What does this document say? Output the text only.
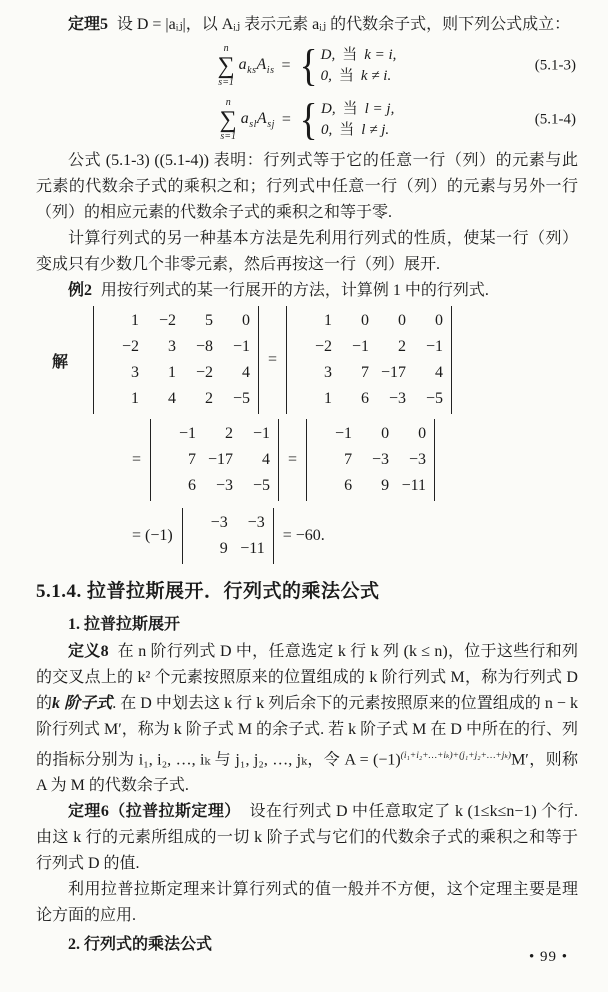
定理5 设 D = |aᵢⱼ|，以 Aᵢⱼ 表示元素 aᵢⱼ 的代数余子式，则下列公式成立：

n
∑
s=1
$a_{ks}A_{is}$ = { D, 当 k = i,
0, 当 k ≠ i.
(5.1-3)
n
∑
s=1
$a_{sl}A_{sj}$ = { D, 当 l = j,
0, 当 l ≠ j.
(5.1-4)

公式 (5.1-3) ((5.1-4)) 表明：行列式等于它的任意一行（列）的元素与此元素的代数余子式的乘积之和；行列式中任意一行（列）的元素与另外一行（列）的相应元素的代数余子式的乘积之和等于零.

计算行列式的另一种基本方法是先利用行列式的性质，使某一行（列）变成只有少数几个非零元素，然后再按这一行（列）展开.

例2 用按行列式的某一行展开的方法，计算例 1 中的行列式.

解
1	−2	5	0
−2	3	−8	−1
3	1	−2	4
1	4	2	−5
=
1	0	0	0
−2	−1	2	−1
3	7 −17	4
1	6	−3	−5
=
−1	2	−1
7 −17	4
6	−3	−5
=
−1	0	0
7	−3	−3
6	9 −11
= (−1)
−3	−3
9 −11
= −60.
5.1.4. 拉普拉斯展开．行列式的乘法公式

1. 拉普拉斯展开

定义8 在 n 阶行列式 D 中，任意选定 k 行 k 列 (k ≤ n)，位于这些行和列的交叉点上的 k² 个元素按照原来的位置组成的 k 阶行列式 M，称为行列式 D 的k 阶子式. 在 D 中划去这 k 行 k 列后余下的元素按照原来的位置组成的 n − k 阶行列式 M′，称为 k 阶子式 M 的余子式. 若 k 阶子式 M 在 D 中所在的行、列的指标分别为 i₁, i₂, …, iₖ 与 j₁, j₂, …, jₖ，令 $A = (-1)^{(i_1+i_2+\dots+i_k)+(j_1+j_2+\dots+j_k)}M'$，则称 A 为 M 的代数余子式.

定理6（拉普拉斯定理） 设在行列式 D 中任意取定了 k (1≤k≤n−1) 个行. 由这 k 行的元素所组成的一切 k 阶子式与它们的代数余子式的乘积之和等于行列式 D 的值.

利用拉普拉斯定理来计算行列式的值一般并不方便，这个定理主要是理论方面的应用.

2. 行列式的乘法公式

• 99 •
